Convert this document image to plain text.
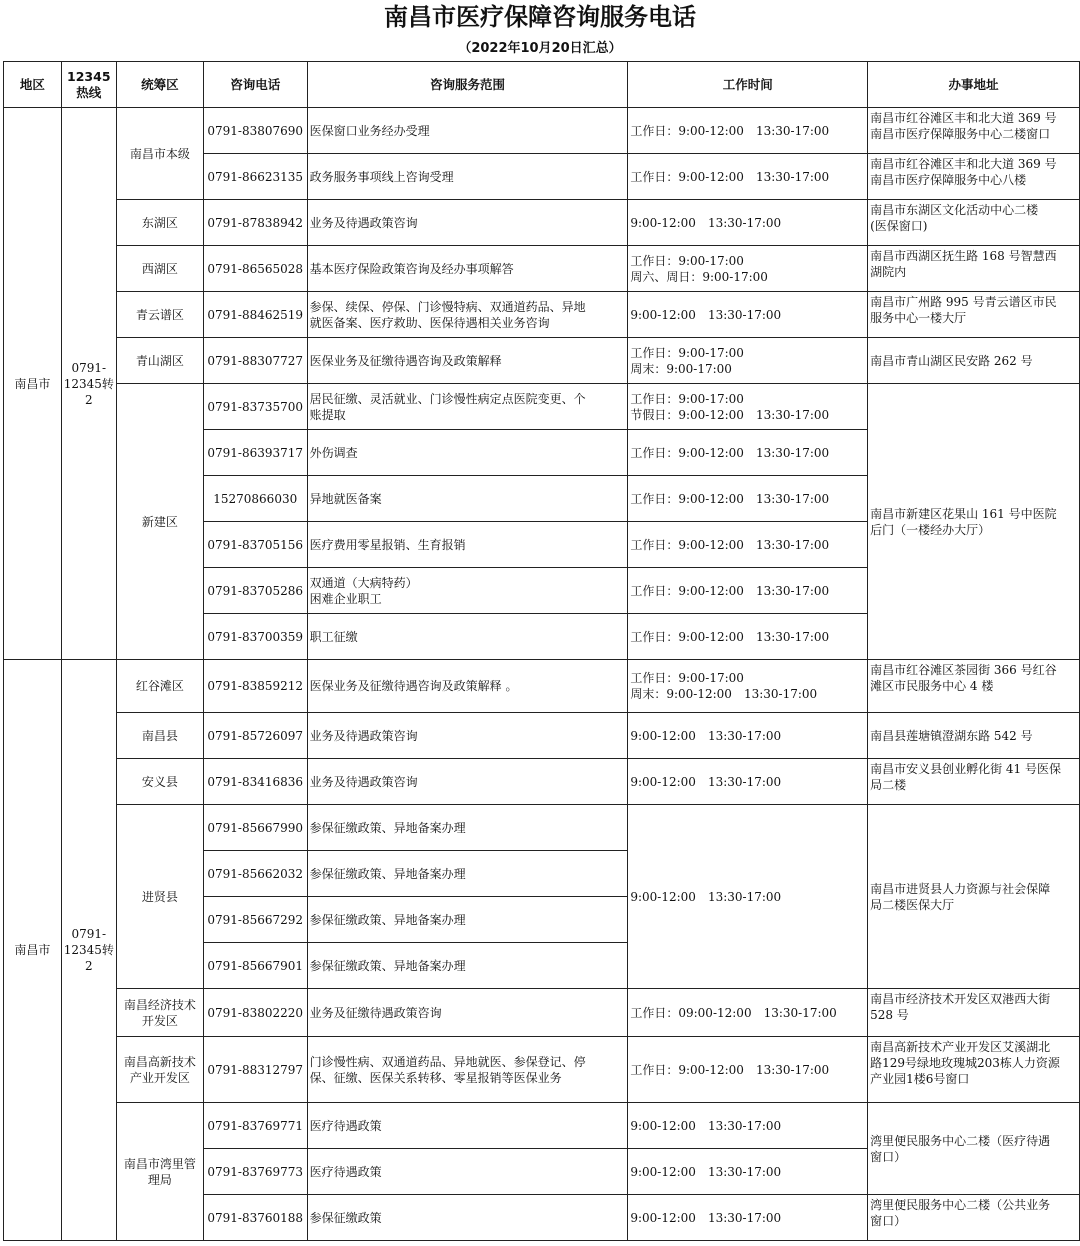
南昌市医疗保障咨询服务电话
（2022年10月20日汇总）
地区	12345
热线	统筹区	咨询电话	咨询服务范围	工作时间	办事地址
南昌市	0791-
12345转
2	南昌市本级	0791-83807690	医保窗口业务经办受理	工作日：9:00-12:00　13:30-17:00	南昌市红谷滩区丰和北大道 369 号
南昌市医疗保障服务中心二楼窗口

			0791-86623135	政务服务事项线上咨询受理	工作日：9:00-12:00　13:30-17:00	南昌市红谷滩区丰和北大道 369 号
南昌市医疗保障服务中心八楼

		东湖区	0791-87838942	业务及待遇政策咨询	9:00-12:00　13:30-17:00	南昌市东湖区文化活动中心二楼
(医保窗口)

		西湖区	0791-86565028	基本医疗保险政策咨询及经办事项解答	工作日：9:00-17:00
周六、周日：9:00-17:00	南昌市西湖区抚生路 168 号智慧西
湖院内

		青云谱区	0791-88462519	参保、续保、停保、门诊慢特病、双通道药品、异地
就医备案、医疗救助、医保待遇相关业务咨询	9:00-12:00　13:30-17:00	南昌市广州路 995 号青云谱区市民
服务中心一楼大厅

		青山湖区	0791-88307727	医保业务及征缴待遇咨询及政策解释	工作日：9:00-17:00
周末：9:00-17:00	南昌市青山湖区民安路 262 号

		新建区	0791-83735700	居民征缴、灵活就业、门诊慢性病定点医院变更、个
账提取	工作日：9:00-17:00
节假日：9:00-12:00　13:30-17:00	南昌市新建区花果山 161 号中医院
后门（一楼经办大厅）

			0791-86393717	外伤调查	工作日：9:00-12:00　13:30-17:00	
			15270866030	异地就医备案	工作日：9:00-12:00　13:30-17:00	
			0791-83705156	医疗费用零星报销、生育报销	工作日：9:00-12:00　13:30-17:00	
			0791-83705286	双通道（大病特药）
困难企业职工	工作日：9:00-12:00　13:30-17:00	
			0791-83700359	职工征缴	工作日：9:00-12:00　13:30-17:00	
南昌市	0791-
12345转
2	红谷滩区	0791-83859212	医保业务及征缴待遇咨询及政策解释 。	工作日：9:00-17:00
周末：9:00-12:00　13:30-17:00	南昌市红谷滩区茶园街 366 号红谷
滩区市民服务中心 4 楼

		南昌县	0791-85726097	业务及待遇政策咨询	9:00-12:00　13:30-17:00	南昌县莲塘镇澄湖东路 542 号

		安义县	0791-83416836	业务及待遇政策咨询	9:00-12:00　13:30-17:00	南昌市安义县创业孵化街 41 号医保
局二楼

		进贤县	0791-85667990	参保征缴政策、异地备案办理	9:00-12:00　13:30-17:00	南昌市进贤县人力资源与社会保障
局二楼医保大厅

			0791-85662032	参保征缴政策、异地备案办理		
			0791-85667292	参保征缴政策、异地备案办理		
			0791-85667901	参保征缴政策、异地备案办理		

		南昌经济技术
开发区	0791-83802220	业务及征缴待遇政策咨询	工作日：09:00-12:00　13:30-17:00	南昌市经济技术开发区双港西大街
528 号

		南昌高新技术
产业开发区	0791-88312797	门诊慢性病、双通道药品、异地就医、参保登记、停
保、征缴、医保关系转移、零星报销等医保业务	工作日：9:00-12:00　13:30-17:00	南昌高新技术产业开发区艾溪湖北
路129号绿地玫瑰城203栋人力资源
产业园1楼6号窗口

		南昌市湾里管
理局	0791-83769771	医疗待遇政策	9:00-12:00　13:30-17:00	湾里便民服务中心二楼（医疗待遇
窗口）

			0791-83769773	医疗待遇政策	9:00-12:00　13:30-17:00	
			0791-83760188	参保征缴政策	9:00-12:00　13:30-17:00	湾里便民服务中心二楼（公共业务
窗口）
